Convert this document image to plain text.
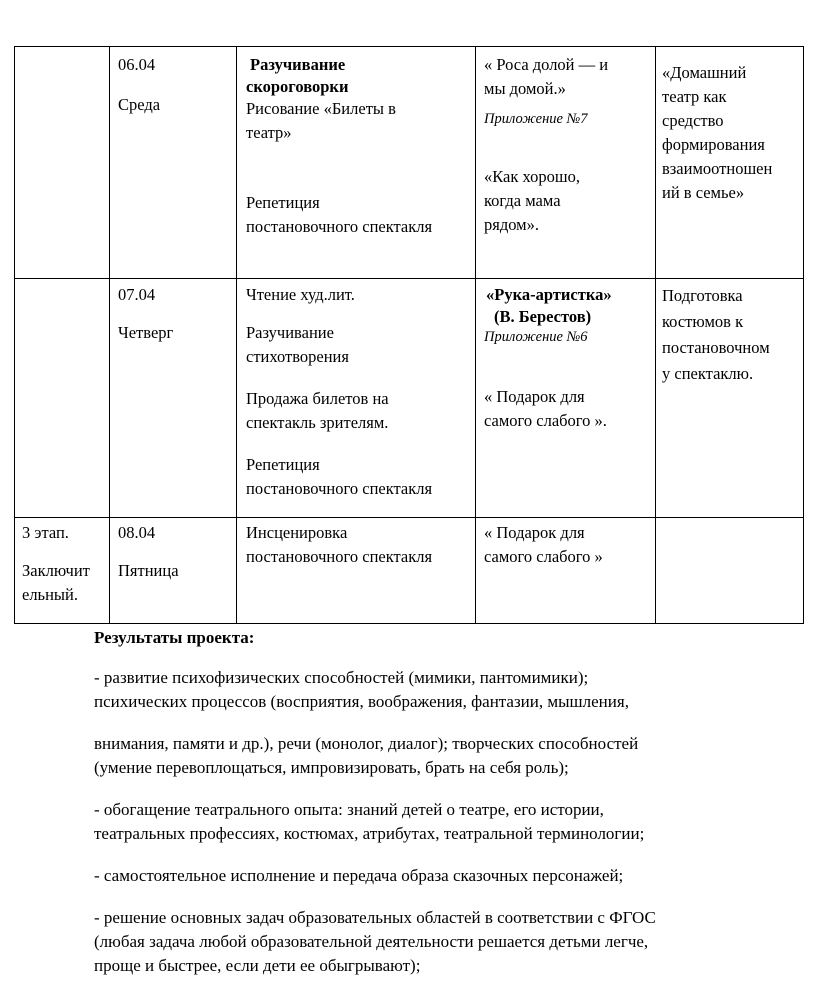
06.04

Среда

Разучивание

скороговорки

Рисование «Билеты в

театр»

Репетиция

постановочного спектакля

« Роса долой — и

мы домой.»

Приложение №7

«Как хорошо,

когда мама

рядом».

«Домашний

театр как

средство

формирования

взаимоотношен

ий в семье»

07.04

Четверг

Чтение худ.лит.

Разучивание

стихотворения

Продажа билетов на

спектакль зрителям.

Репетиция

постановочного спектакля

«Рука-артистка»

(В. Берестов)

Приложение №6

« Подарок для

самого слабого ».

Подготовка

костюмов к

постановочном

у спектаклю.

3 этап.

Заключит

ельный.

08.04

Пятница

Инсценировка

постановочного спектакля

« Подарок для

самого слабого »

Результаты проекта:

- развитие психофизических способностей (мимики, пантомимики);

психических процессов (восприятия, воображения, фантазии, мышления,

внимания, памяти и др.), речи (монолог, диалог); творческих способностей

(умение перевоплощаться, импровизировать, брать на себя роль);

- обогащение театрального опыта: знаний детей о театре, его истории,

театральных профессиях, костюмах, атрибутах, театральной терминологии;

- самостоятельное исполнение и передача образа сказочных персонажей;

- решение основных задач образовательных областей в соответствии с ФГОС

(любая задача любой образовательной деятельности решается детьми легче,

проще и быстрее, если дети ее обыгрывают);
